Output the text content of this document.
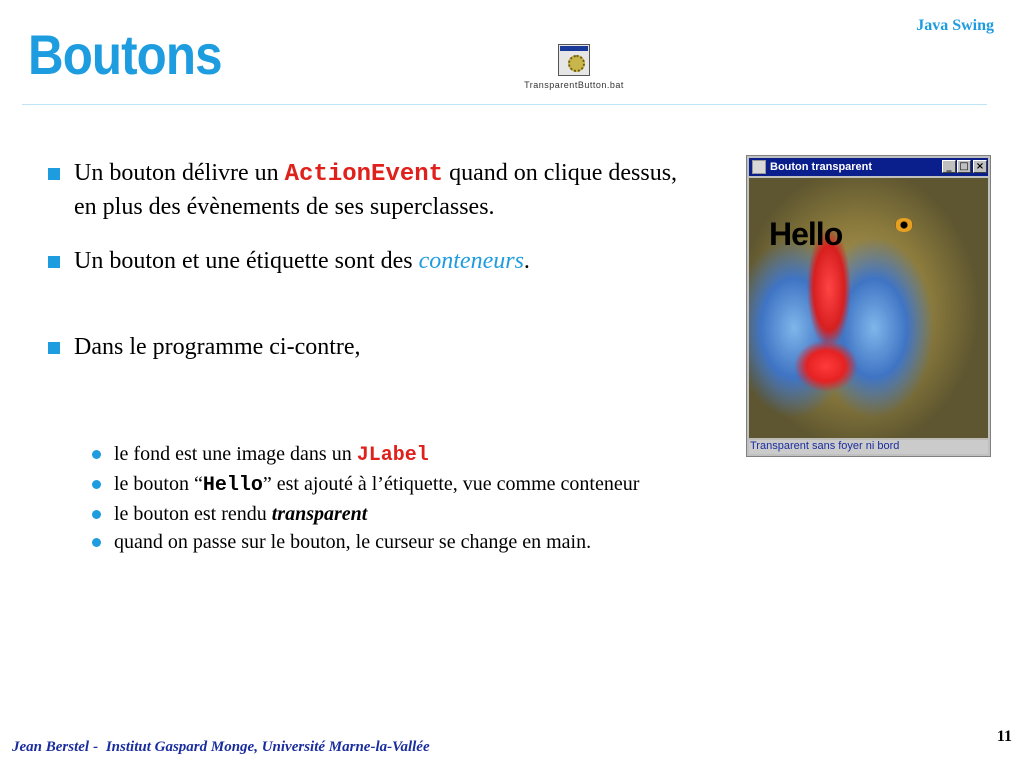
Boutons	Java Swing
TransparentButton.bat
Un bouton délivre un ActionEvent quand on clique dessus, en plus des évènements de ses superclasses.
Un bouton et une étiquette sont des conteneurs.
Dans le programme ci-contre,
le fond est une image dans un JLabel
le bouton “Hello” est ajouté à l’étiquette, vue comme conteneur
le bouton est rendu transparent
quand on passe sur le bouton, le curseur se change en main.
Bouton transparent	_ □ ×
Hello
Transparent sans foyer ni bord
Jean Berstel - Institut Gaspard Monge, Université Marne-la-Vallée
11
